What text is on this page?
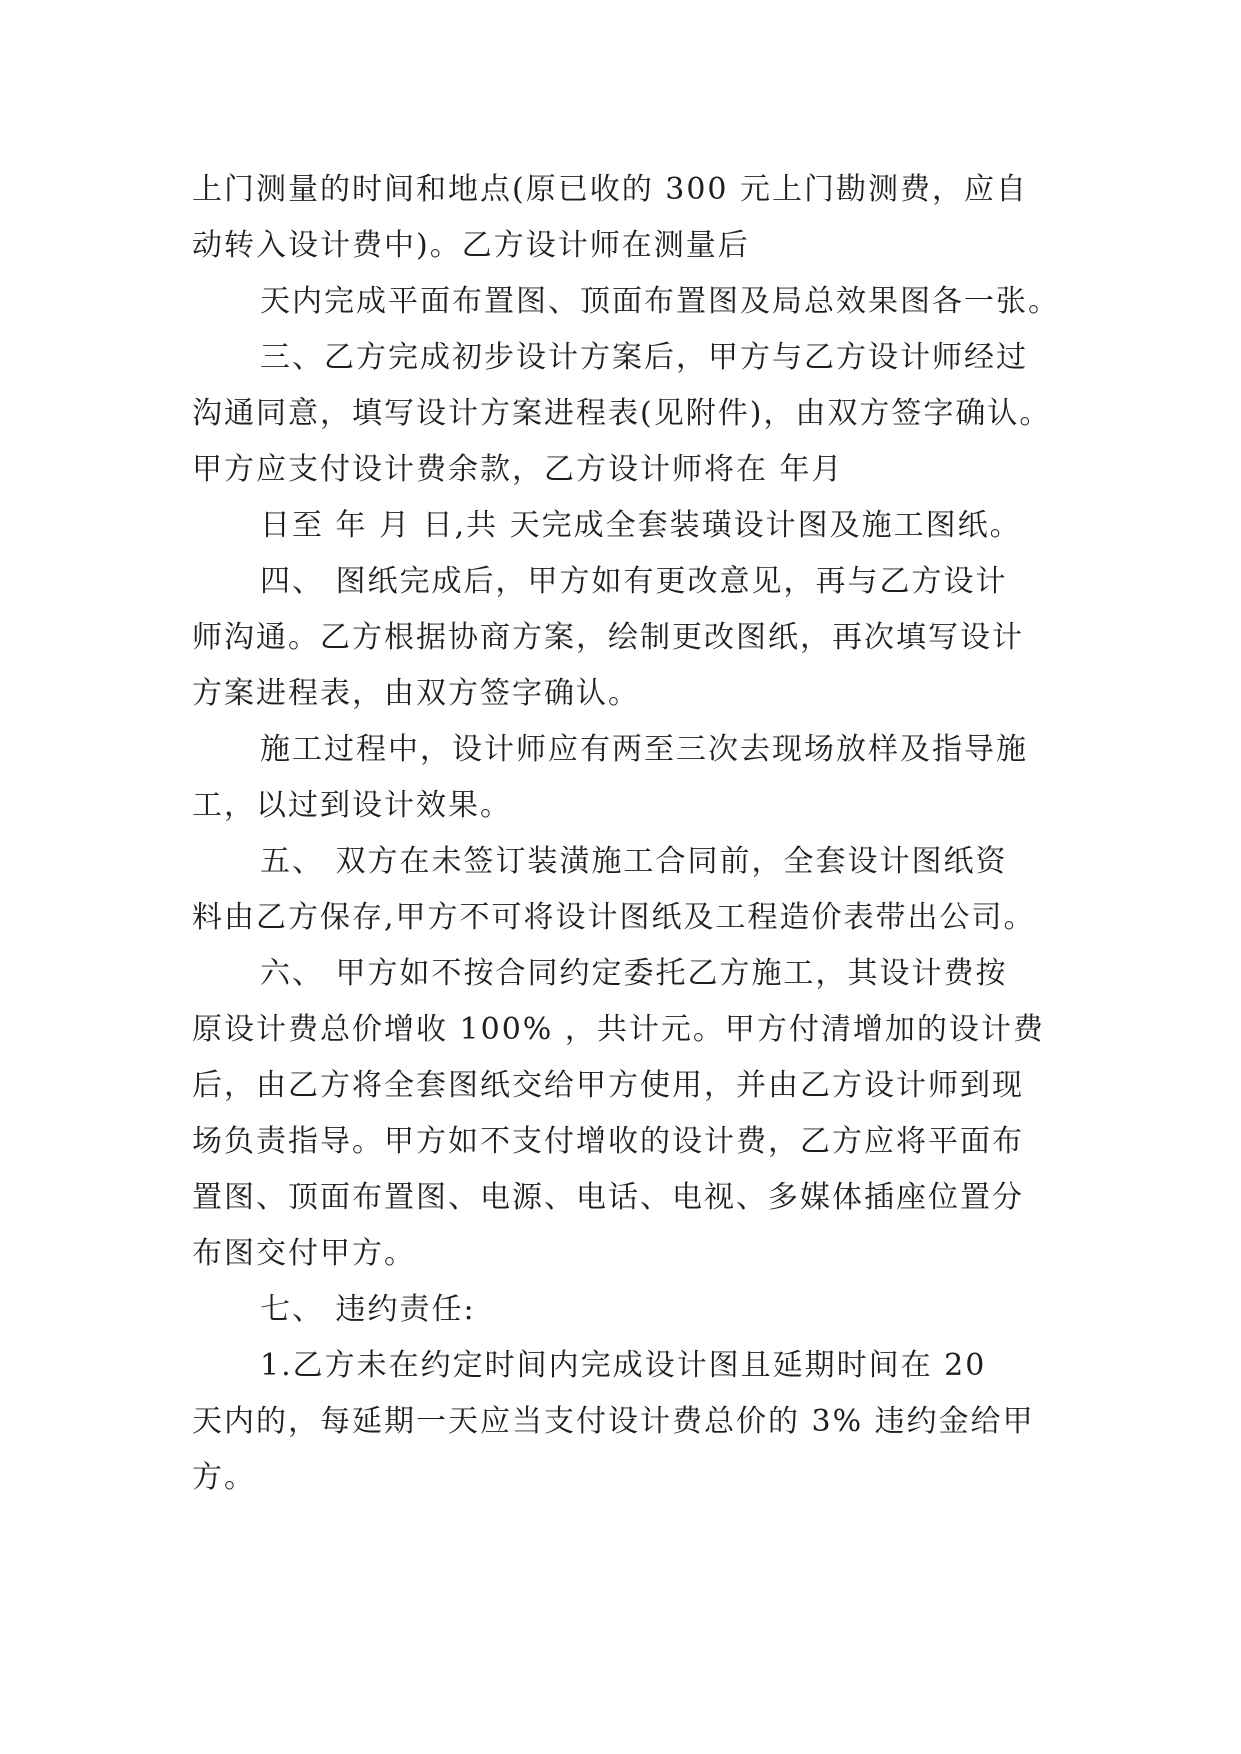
上门测量的时间和地点(原已收的 300 元上门勘测费，应自
动转入设计费中)。乙方设计师在测量后
天内完成平面布置图、顶面布置图及局总效果图各一张。
三、乙方完成初步设计方案后，甲方与乙方设计师经过
沟通同意，填写设计方案进程表(见附件)，由双方签字确认。
甲方应支付设计费余款，乙方设计师将在 年月
日至 年 月 日,共 天完成全套装璜设计图及施工图纸。
四、 图纸完成后，甲方如有更改意见，再与乙方设计
师沟通。乙方根据协商方案，绘制更改图纸，再次填写设计
方案进程表，由双方签字确认。
施工过程中，设计师应有两至三次去现场放样及指导施
工，以过到设计效果。
五、 双方在未签订装潢施工合同前，全套设计图纸资
料由乙方保存,甲方不可将设计图纸及工程造价表带出公司。
六、 甲方如不按合同约定委托乙方施工，其设计费按
原设计费总价增收 100% ，共计元。甲方付清增加的设计费
后，由乙方将全套图纸交给甲方使用，并由乙方设计师到现
场负责指导。甲方如不支付增收的设计费，乙方应将平面布
置图、顶面布置图、电源、电话、电视、多媒体插座位置分
布图交付甲方。
七、 违约责任:
1.乙方未在约定时间内完成设计图且延期时间在 20
天内的，每延期一天应当支付设计费总价的 3% 违约金给甲
方。
